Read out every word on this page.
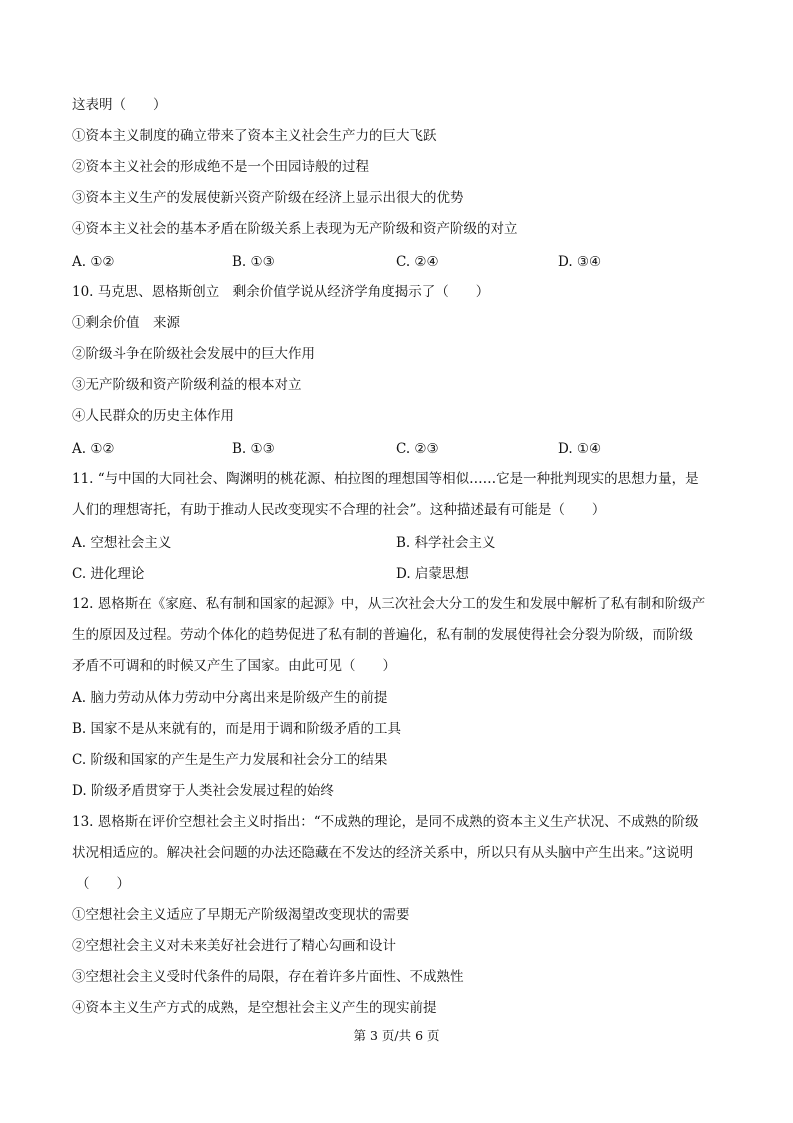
这表明（　　）
①资本主义制度的确立带来了资本主义社会生产力的巨大飞跃
②资本主义社会的形成绝不是一个田园诗般的过程
③资本主义生产的发展使新兴资产阶级在经济上显示出很大的优势
④资本主义社会的基本矛盾在阶级关系上表现为无产阶级和资产阶级的对立
A. ①②	B. ①③	C. ②④	D. ③④
10. 马克思、恩格斯创立　剩余价值学说从经济学角度揭示了（　　）
①剩余价值　来源
②阶级斗争在阶级社会发展中的巨大作用
③无产阶级和资产阶级利益的根本对立
④人民群众的历史主体作用
A. ①②	B. ①③	C. ②③	D. ①④
11. “与中国的大同社会、陶渊明的桃花源、柏拉图的理想国等相似……它是一种批判现实的思想力量，是
人们的理想寄托，有助于推动人民改变现实不合理的社会”。这种描述最有可能是（　　）
A. 空想社会主义	B. 科学社会主义
C. 进化理论	D. 启蒙思想
12. 恩格斯在《家庭、私有制和国家的起源》中，从三次社会大分工的发生和发展中解析了私有制和阶级产
生的原因及过程。劳动个体化的趋势促进了私有制的普遍化，私有制的发展使得社会分裂为阶级，而阶级
矛盾不可调和的时候又产生了国家。由此可见（　　）
A. 脑力劳动从体力劳动中分离出来是阶级产生的前提
B. 国家不是从来就有的，而是用于调和阶级矛盾的工具
C. 阶级和国家的产生是生产力发展和社会分工的结果
D. 阶级矛盾贯穿于人类社会发展过程的始终
13. 恩格斯在评价空想社会主义时指出：“不成熟的理论，是同不成熟的资本主义生产状况、不成熟的阶级
状况相适应的。解决社会问题的办法还隐藏在不发达的经济关系中，所以只有从头脑中产生出来。”这说明
（　　）
①空想社会主义适应了早期无产阶级渴望改变现状的需要
②空想社会主义对未来美好社会进行了精心勾画和设计
③空想社会主义受时代条件的局限，存在着许多片面性、不成熟性
④资本主义生产方式的成熟，是空想社会主义产生的现实前提
第 3 页/共 6 页
